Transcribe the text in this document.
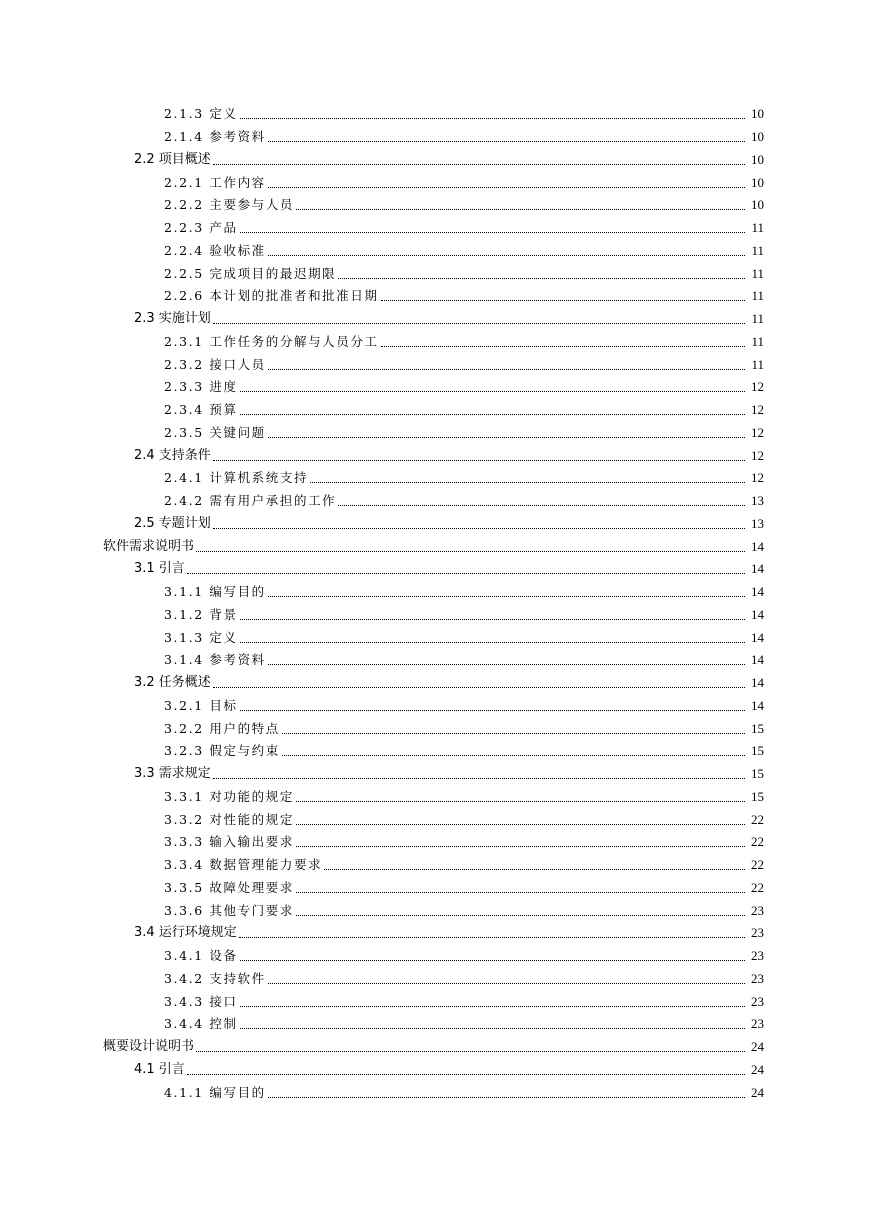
2.1.3 定义	10
2.1.4 参考资料	10
2.2 项目概述	10
2.2.1 工作内容	10
2.2.2 主要参与人员	10
2.2.3 产品	11
2.2.4 验收标准	11
2.2.5 完成项目的最迟期限	11
2.2.6 本计划的批准者和批准日期	11
2.3 实施计划	11
2.3.1 工作任务的分解与人员分工	11
2.3.2 接口人员	11
2.3.3 进度	12
2.3.4 预算	12
2.3.5 关键问题	12
2.4 支持条件	12
2.4.1 计算机系统支持	12
2.4.2 需有用户承担的工作	13
2.5 专题计划	13
软件需求说明书	14
3.1 引言	14
3.1.1 编写目的	14
3.1.2 背景	14
3.1.3 定义	14
3.1.4 参考资料	14
3.2 任务概述	14
3.2.1 目标	14
3.2.2 用户的特点	15
3.2.3 假定与约束	15
3.3 需求规定	15
3.3.1 对功能的规定	15
3.3.2 对性能的规定	22
3.3.3 输入输出要求	22
3.3.4 数据管理能力要求	22
3.3.5 故障处理要求	22
3.3.6 其他专门要求	23
3.4 运行环境规定	23
3.4.1 设备	23
3.4.2 支持软件	23
3.4.3 接口	23
3.4.4 控制	23
概要设计说明书	24
4.1 引言	24
4.1.1 编写目的	24
